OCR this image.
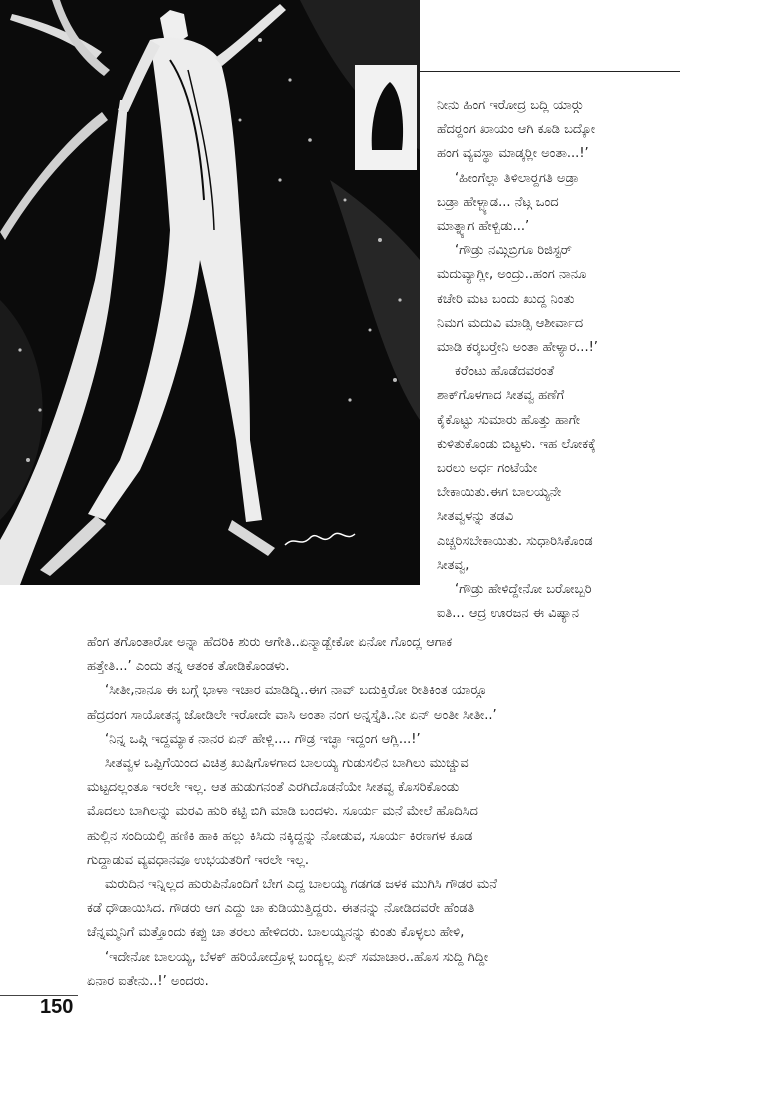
ನೀನು ಹಿಂಗ ಇರೋದ್ರ ಬದ್ಲಿ ಯಾರ‍್ಗು

ಹೆದರ‍್ದಂಗ ಖಾಯಂ ಆಗಿ ಕೂಡಿ ಬದ್ಕೋ

ಹಂಗ ವ್ಯವಸ್ಥಾ ಮಾಡ್ಕರ‍್ಲೀ ಅಂತಾ...!’

‘ಹೀಂಗೆಲ್ಲಾ ತಿಳಿಲಾರ‍್ದಗತಿ ಅಡ್ರಾ

ಬಡ್ರಾ ಹೇಳ್ಬ್ಯಾಡ... ನೆಟ್ಗ ಒಂದ

ಮಾತ್ನ್ಯಾಗ ಹೇಳ್ಬಿಡು...’

‘ಗೌಡ್ರು ನಮ್ಗಿಬ್ರಿಗೂ ರಿಜಿಸ್ಟರ್

ಮದುವ್ಯಾಗ್ಲೀ, ಅಂದ್ರು..ಹಂಗ ನಾನೂ

ಕಚೇರಿ ಮಟ ಬಂದು ಖುದ್ದ ನಿಂತು

ನಿಮಗ ಮದುವಿ ಮಾಡ್ಸಿ ಆಶೀರ್ವಾದ

ಮಾಡಿ ಕರ‍್ಕಬರ‍್ತೇನಿ ಅಂತಾ ಹೇಳ್ಯಾರ...!’

ಕರೆಂಟು ಹೊಡೆದವರಂತೆ

ಶಾಕ್‌ಗೊಳಗಾದ ಸೀತವ್ವ ಹಣೆಗೆ

ಕೈಕೊಟ್ಟು ಸುಮಾರು ಹೊತ್ತು ಹಾಗೇ

ಕುಳಿತುಕೊಂಡು ಬಿಟ್ಟಳು. ಇಹ ಲೋಕಕ್ಕೆ

ಬರಲು ಅರ್ಧ ಗಂಟೆಯೇ

ಬೇಕಾಯಿತು.ಈಗ ಬಾಲಯ್ಯನೇ

ಸೀತವ್ವಳನ್ನು ತಡವಿ

ಎಚ್ಚರಿಸಬೇಕಾಯಿತು. ಸುಧಾರಿಸಿಕೊಂಡ

ಸೀತವ್ವ,

‘ಗೌಡ್ರು ಹೇಳಿದ್ದೇನೋ ಬರೋಬ್ಬರಿ

ಐತಿ... ಆದ್ರ ಊರಜನ ಈ ವಿಷ್ಯಾನ

ಹೆಂಗ ತಗೊಂತಾರೋ ಅನ್ನಾ ಹೆದರಿಕಿ ಶುರು ಆಗೇತಿ..ಏನ್ಮಾಡ್ಬೇಕೋ ಏನೋ ಗೊಂದ್ಲ ಆಗಾಕ

ಹತ್ತೇತಿ...’ ಎಂದು ತನ್ನ ಆತಂಕ ತೋಡಿಕೊಂಡಳು.

‘ಸೀತೀ,ನಾನೂ ಈ ಬಗ್ಗೆ ಭಾಳಾ ಇಚಾರ ಮಾಡಿದ್ನಿ..ಈಗ ನಾವ್ ಬದುಕ್ತಿರೋ ರೀತಿಕಿಂತ ಯಾರ‍್ಗೂ

ಹೆದ್ರದಂಗ ಸಾಯೋತನ್ಕ ಜೋಡಿಲೇ ಇರೋದೇ ವಾಸಿ ಅಂತಾ ನಂಗ ಅನ್ನಸ್ತೈತಿ..ನೀ ಏನ್ ಅಂತೀ ಸೀತೀ..’

‘ನಿನ್ನ ಒಪ್ಗಿ ಇದ್ದಮ್ಯಾಕ ನಾನರ ಏನ್ ಹೇಳ್ಲಿ.... ಗೌಡ್ರ ಇಚ್ಛಾ ಇದ್ದಂಗ ಆಗ್ಲಿ...!’

ಸೀತವ್ವಳ ಒಪ್ಪಿಗೆಯಿಂದ ವಿಚಿತ್ರ ಖುಷಿಗೊಳಗಾದ ಬಾಲಯ್ಯ ಗುಡುಸಲಿನ ಬಾಗಿಲು ಮುಚ್ಚುವ

ಮಟ್ಟದಲ್ಲಂತೂ ಇರಲೇ ಇಲ್ಲ. ಆತ ಹುಡುಗನಂತೆ ಎರಗಿದೊಡನೆಯೇ ಸೀತವ್ವ ಕೊಸರಿಕೊಂಡು

ಮೊದಲು ಬಾಗಿಲನ್ನು ಮರವಿ ಹುರಿ ಕಟ್ಟಿ ಬಿಗಿ ಮಾಡಿ ಬಂದಳು. ಸೂರ್ಯ ಮನೆ ಮೇಲೆ ಹೊದಿಸಿದ

ಹುಲ್ಲಿನ ಸಂದಿಯಲ್ಲಿ ಹಣಿಕಿ ಹಾಕಿ ಹಲ್ಲು ಕಿಸಿದು ನಕ್ಕಿದ್ದನ್ನು ನೋಡುವ, ಸೂರ್ಯ ಕಿರಣಗಳ ಕೂಡ

ಗುದ್ದಾಡುವ ವ್ಯವಧಾನವೂ ಉಭಯತರಿಗೆ ಇರಲೇ ಇಲ್ಲ.

ಮರುದಿನ ಇನ್ನಿಲ್ಲದ ಹುರುಪಿನೊಂದಿಗೆ ಬೇಗ ಎದ್ದ ಬಾಲಯ್ಯ ಗಡಗಡ ಜಳಕ ಮುಗಿಸಿ ಗೌಡರ ಮನೆ

ಕಡೆ ಧೌಡಾಯಿಸಿದ. ಗೌಡರು ಆಗ ಎದ್ದು ಚಾ ಕುಡಿಯುತ್ತಿದ್ದರು. ಈತನನ್ನು ನೋಡಿದವರೇ ಹೆಂಡತಿ

ಚೆನ್ನಮ್ಮನಿಗೆ ಮತ್ತೊಂದು ಕಪ್ಪು ಚಾ ತರಲು ಹೇಳಿದರು. ಬಾಲಯ್ಯನನ್ನು ಕುಂತು ಕೊಳ್ಳಲು ಹೇಳಿ,

‘ಇದೇನೋ ಬಾಲಯ್ಯ, ಬೆಳಕ್ ಹರಿಯೋದ್ರೊಳ್ಗ ಬಂದ್ಯಲ್ಲ ಏನ್ ಸಮಾಚಾರ..ಹೊಸ ಸುದ್ದಿ ಗಿದ್ದೀ

ಏನಾರ ಐತೇನು..!’ ಅಂದರು.

150
